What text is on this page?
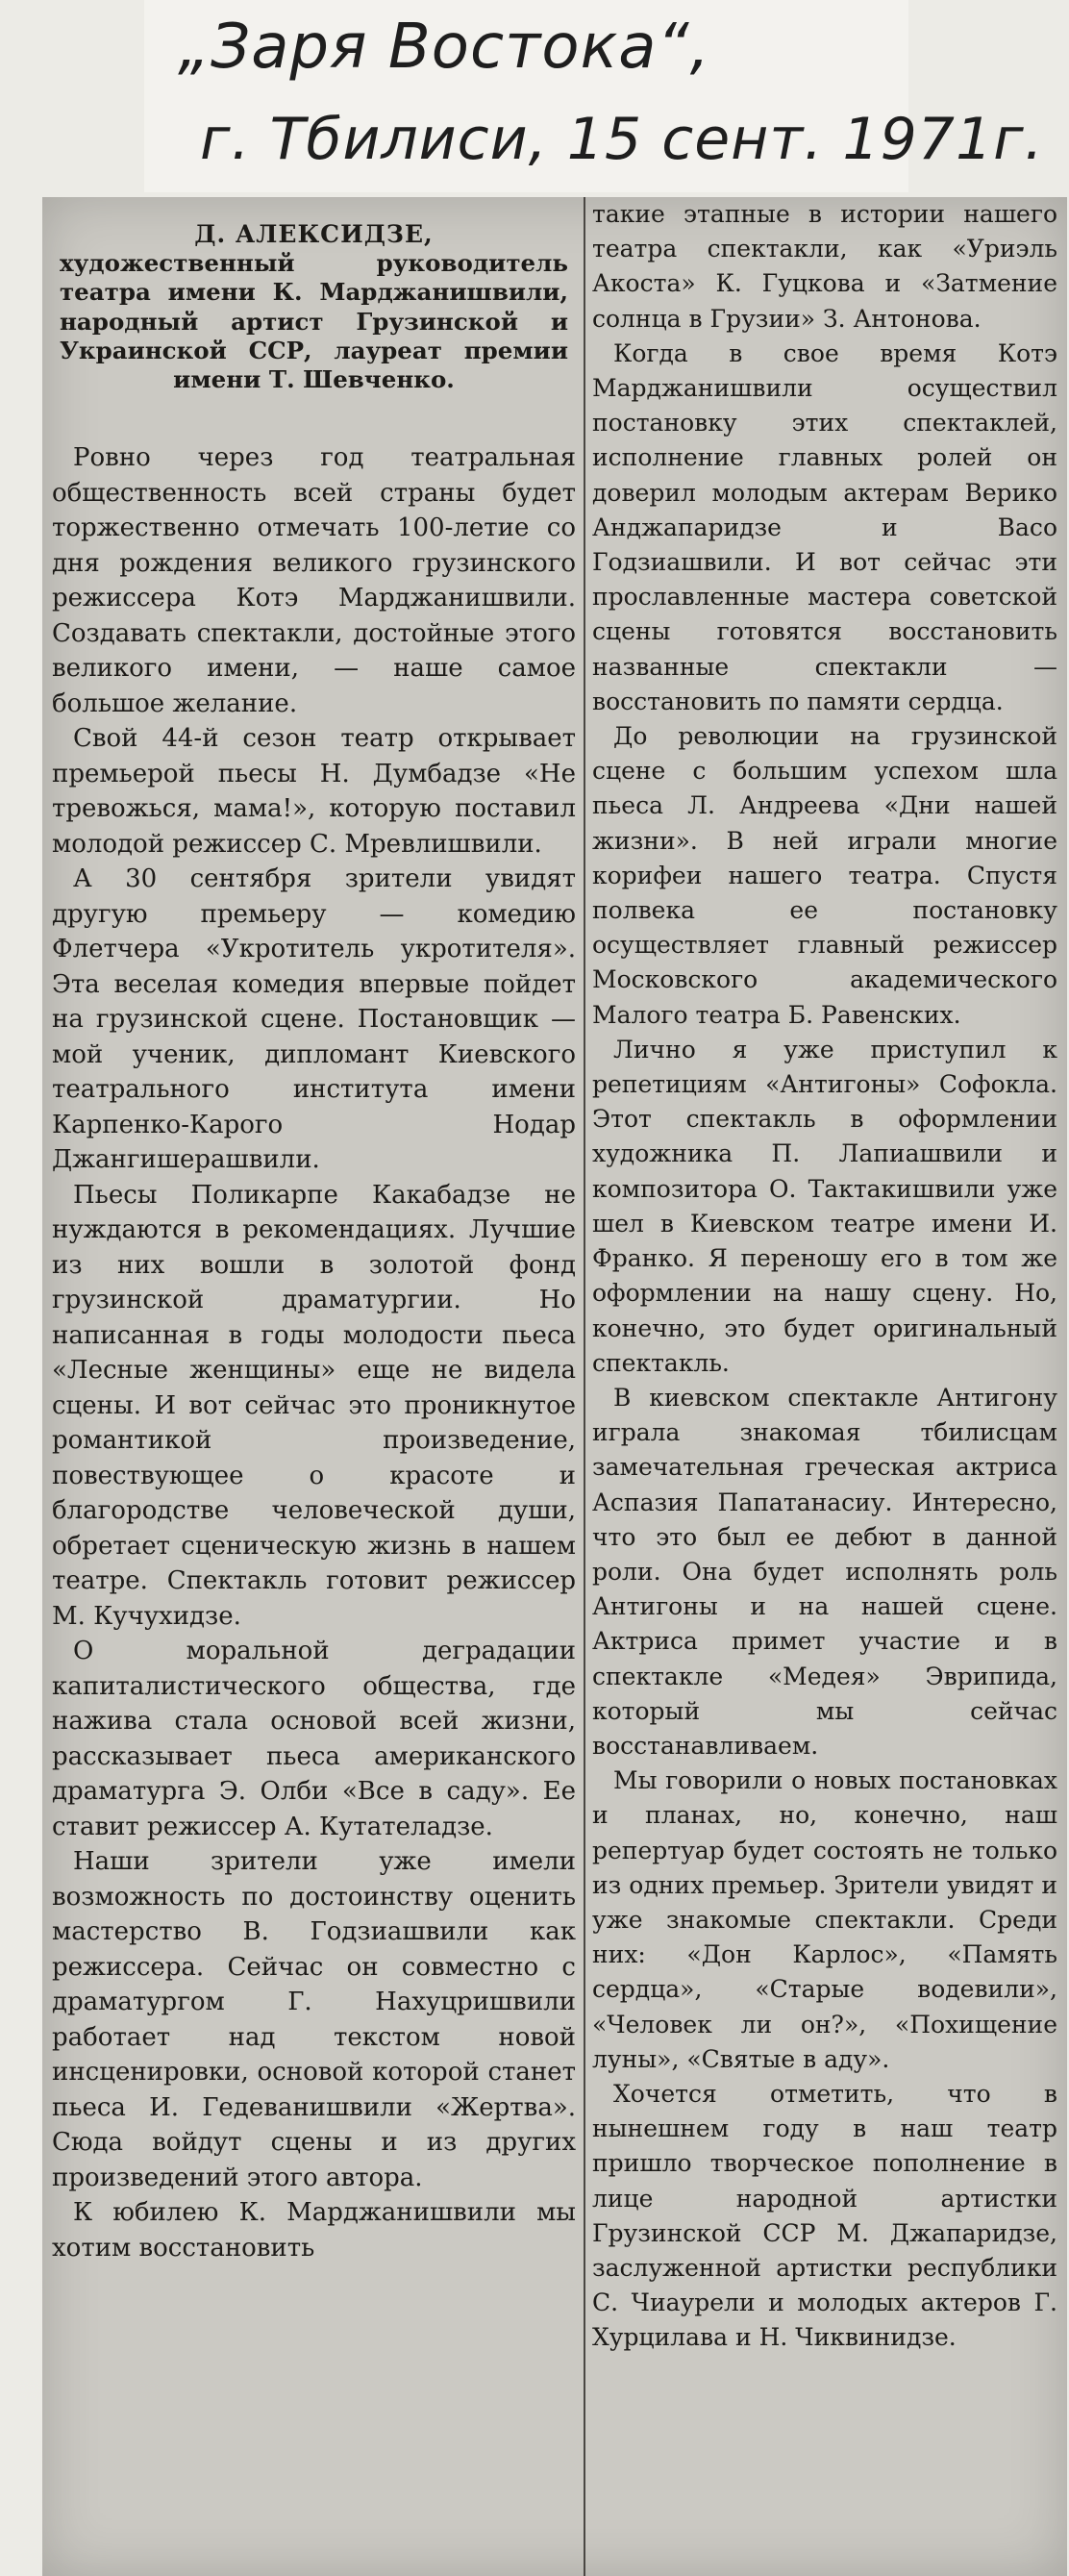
„Заря Востока“,
г. Тбилиси, 15 сент. 1971г.
Д. АЛЕКСИДЗЕ,
художественный руководитель театра имени К. Марджанишвили, народный артист Грузинской и Украинской ССР, лауреат премии имени Т. Шевченко.

Ровно через год театральная общественность всей страны будет торжественно отмечать 100-летие со дня рождения великого грузинского режиссера Котэ Марджанишвили. Создавать спектакли, достойные этого великого имени, — наше самое большое желание.

Свой 44-й сезон театр открывает премьерой пьесы Н. Думбадзе «Не тревожься, мама!», которую поставил молодой режиссер С. Мревлишвили.

А 30 сентября зрители увидят другую премьеру — комедию Флетчера «Укротитель укротителя». Эта веселая комедия впервые пойдет на грузинской сцене. Постановщик — мой ученик, дипломант Киевского театрального института имени Карпенко-Карого Нодар Джангишерашвили.

Пьесы Поликарпе Какабадзе не нуждаются в рекомендациях. Лучшие из них вошли в золотой фонд грузинской драматургии. Но написанная в годы молодости пьеса «Лесные женщины» еще не видела сцены. И вот сейчас это проникнутое романтикой произведение, повествующее о красоте и благородстве человеческой души, обретает сценическую жизнь в нашем театре. Спектакль готовит режиссер М. Кучухидзе.

О моральной деградации капиталистического общества, где нажива стала основой всей жизни, рассказывает пьеса американского драматурга Э. Олби «Все в саду». Ее ставит режиссер А. Кутателадзе.

Наши зрители уже имели возможность по достоинству оценить мастерство В. Годзиашвили как режиссера. Сейчас он совместно с драматургом Г. Нахуцришвили работает над текстом новой инсценировки, основой которой станет пьеса И. Гедеванишвили «Жертва». Сюда войдут сцены и из других произведений этого автора.

К юбилею К. Марджанишвили мы хотим восстановить

такие этапные в истории нашего театра спектакли, как «Уриэль Акоста» К. Гуцкова и «Затмение солнца в Грузии» З. Антонова.

Когда в свое время Котэ Марджанишвили осуществил постановку этих спектаклей, исполнение главных ролей он доверил молодым актерам Верико Анджапаридзе и Васо Годзиашвили. И вот сейчас эти прославленные мастера советской сцены готовятся восстановить названные спектакли — восстановить по памяти сердца.

До революции на грузинской сцене с большим успехом шла пьеса Л. Андреева «Дни нашей жизни». В ней играли многие корифеи нашего театра. Спустя полвека ее постановку осуществляет главный режиссер Московского академического Малого театра Б. Равенских.

Лично я уже приступил к репетициям «Антигоны» Софокла. Этот спектакль в оформлении художника П. Лапиашвили и композитора О. Тактакишвили уже шел в Киевском театре имени И. Франко. Я переношу его в том же оформлении на нашу сцену. Но, конечно, это будет оригинальный спектакль.

В киевском спектакле Антигону играла знакомая тбилисцам замечательная греческая актриса Аспазия Папатанасиу. Интересно, что это был ее дебют в данной роли. Она будет исполнять роль Антигоны и на нашей сцене. Актриса примет участие и в спектакле «Медея» Эврипида, который мы сейчас восстанавливаем.

Мы говорили о новых постановках и планах, но, конечно, наш репертуар будет состоять не только из одних премьер. Зрители увидят и уже знакомые спектакли. Среди них: «Дон Карлос», «Память сердца», «Старые водевили», «Человек ли он?», «Похищение луны», «Святые в аду».

Хочется отметить, что в нынешнем году в наш театр пришло творческое пополнение в лице народной артистки Грузинской ССР М. Джапаридзе, заслуженной артистки республики С. Чиаурели и молодых актеров Г. Хурцилава и Н. Чиквинидзе.
